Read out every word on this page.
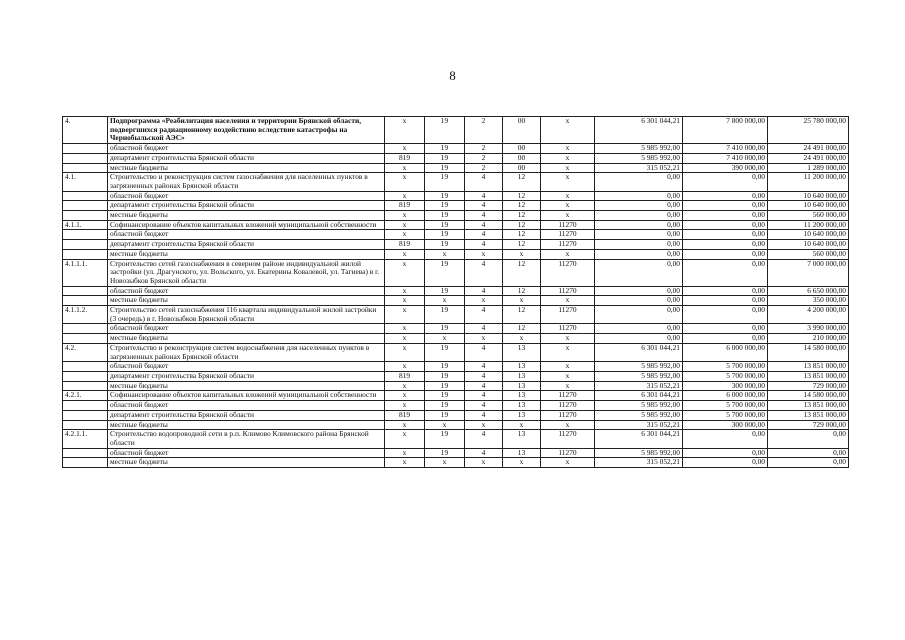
8
4.	Подпрограмма «Реабилитация населения и территории Брянской области, подвергшихся радиационному воздействию вследствие катастрофы на Чернобыльской АЭС»	х	19	2	00	х	6 301 044,21	7 800 000,00	25 780 000,00
	областной бюджет	х	19	2	00	х	5 985 992,00	7 410 000,00	24 491 000,00
	департамент строительства Брянской области	819	19	2	00	х	5 985 992,00	7 410 000,00	24 491 000,00
	местные бюджеты	х	19	2	00	х	315 052,21	390 000,00	1 289 000,00
4.1.	Строительство и реконструкция систем газоснабжения для населенных пунктов в загрязненных районах Брянской области	х	19	4	12	х	0,00	0,00	11 200 000,00
	областной бюджет	х	19	4	12	х	0,00	0,00	10 640 000,00
	департамент строительства Брянской области	819	19	4	12	х	0,00	0,00	10 640 000,00
	местные бюджеты	х	19	4	12	х	0,00	0,00	560 000,00
4.1.1.	Софинансирование объектов капитальных вложений муниципальной собственности	х	19	4	12	11270	0,00	0,00	11 200 000,00
	областной бюджет	х	19	4	12	11270	0,00	0,00	10 640 000,00
	департамент строительства Брянской области	819	19	4	12	11270	0,00	0,00	10 640 000,00
	местные бюджеты	х	х	х	х	х	0,00	0,00	560 000,00
4.1.1.1.	Строительство сетей газоснабжения в северном районе индивидуальной жилой застройки (ул. Драгунского, ул. Вольского, ул. Екатерины Ковалевой, ул. Тагиева) в г. Новозыбков Брянской области	х	19	4	12	11270	0,00	0,00	7 000 000,00
	областной бюджет	х	19	4	12	11270	0,00	0,00	6 650 000,00
	местные бюджеты	х	х	х	х	х	0,00	0,00	350 000,00
4.1.1.2.	Строительство сетей газоснабжения 116 квартала индивидуальной жилой застройки (3 очередь) в г. Новозыбков Брянской области	х	19	4	12	11270	0,00	0,00	4 200 000,00
	областной бюджет	х	19	4	12	11270	0,00	0,00	3 990 000,00
	местные бюджеты	х	х	х	х	х	0,00	0,00	210 000,00
4.2.	Строительство и реконструкция систем водоснабжения для населенных пунктов в загрязненных районах Брянской области	х	19	4	13	х	6 301 044,21	6 000 000,00	14 580 000,00
	областной бюджет	х	19	4	13	х	5 985 992,00	5 700 000,00	13 851 000,00
	департамент строительства Брянской области	819	19	4	13	х	5 985 992,00	5 700 000,00	13 851 000,00
	местные бюджеты	х	19	4	13	х	315 052,21	300 000,00	729 000,00
4.2.1.	Софинансирование объектов капитальных вложений муниципальной собственности	х	19	4	13	11270	6 301 044,21	6 000 000,00	14 580 000,00
	областной бюджет	х	19	4	13	11270	5 985 992,00	5 700 000,00	13 851 000,00
	департамент строительства Брянской области	819	19	4	13	11270	5 985 992,00	5 700 000,00	13 851 000,00
	местные бюджеты	х	х	х	х	х	315 052,21	300 000,00	729 000,00
4.2.1.1.	Строительство водопроводной сети в р.п. Климово Климовского района Брянской области	х	19	4	13	11270	6 301 044,21	0,00	0,00
	областной бюджет	х	19	4	13	11270	5 985 992,00	0,00	0,00
	местные бюджеты	х	х	х	х	х	315 052,21	0,00	0,00
